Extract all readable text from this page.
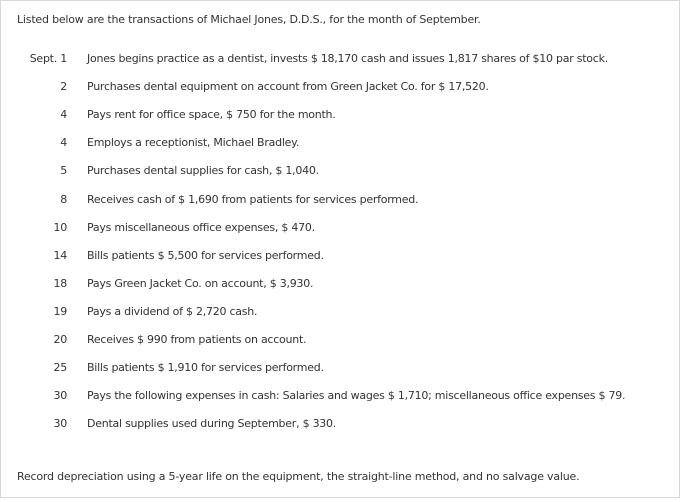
Listed below are the transactions of Michael Jones, D.D.S., for the month of September.
Sept. 1 Jones begins practice as a dentist, invests $ 18,170 cash and issues 1,817 shares of $10 par stock.
2 Purchases dental equipment on account from Green Jacket Co. for $ 17,520.
4 Pays rent for office space, $ 750 for the month.
4 Employs a receptionist, Michael Bradley.
5 Purchases dental supplies for cash, $ 1,040.
8 Receives cash of $ 1,690 from patients for services performed.
10 Pays miscellaneous office expenses, $ 470.
14 Bills patients $ 5,500 for services performed.
18 Pays Green Jacket Co. on account, $ 3,930.
19 Pays a dividend of $ 2,720 cash.
20 Receives $ 990 from patients on account.
25 Bills patients $ 1,910 for services performed.
30 Pays the following expenses in cash: Salaries and wages $ 1,710; miscellaneous office expenses $ 79.
30 Dental supplies used during September, $ 330.
Record depreciation using a 5-year life on the equipment, the straight-line method, and no salvage value.
